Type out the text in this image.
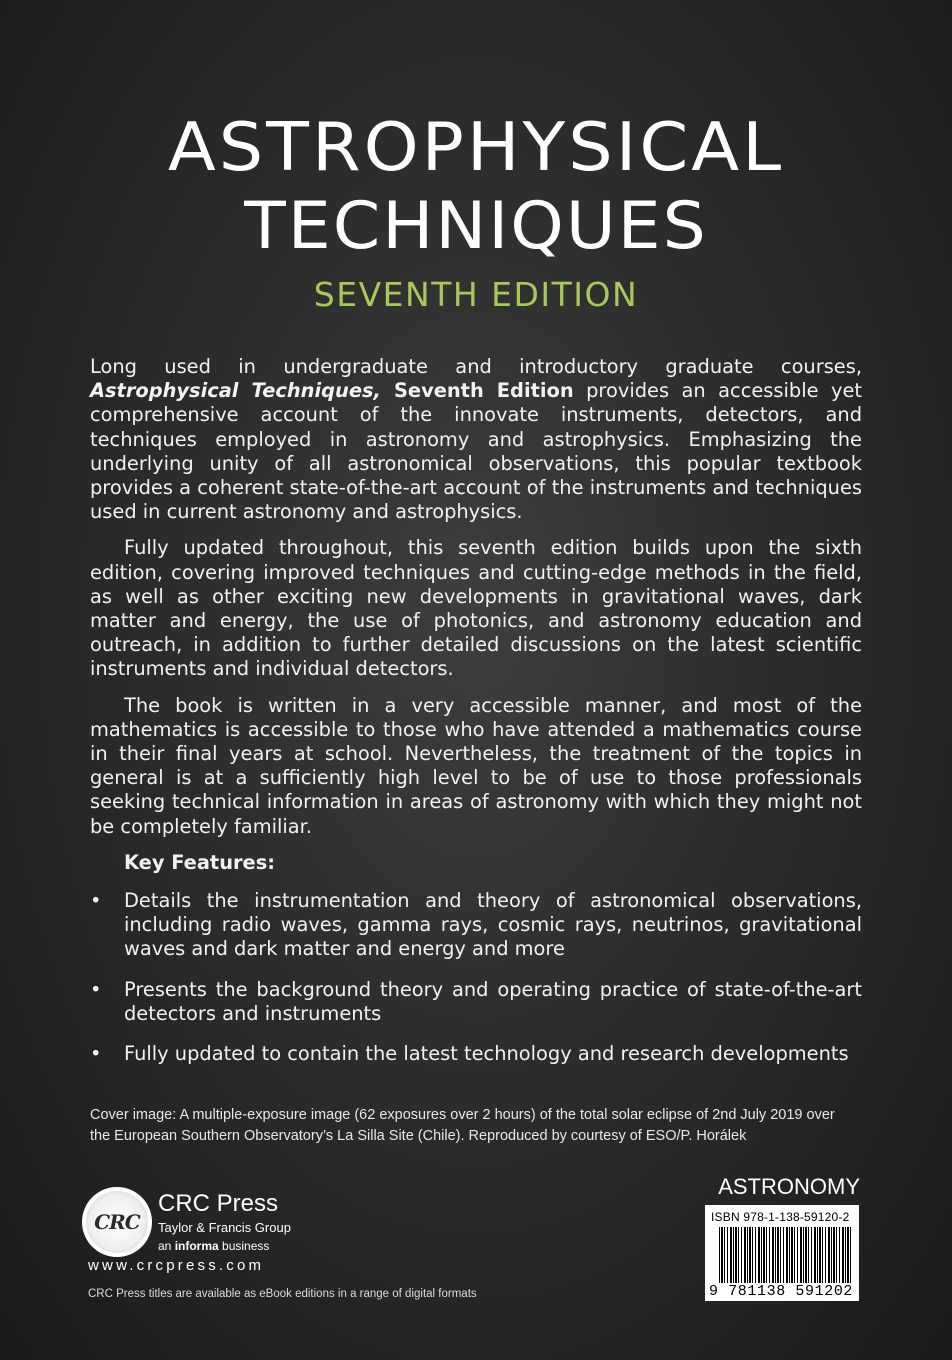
ASTROPHYSICAL
TECHNIQUES
SEVENTH EDITION

Long used in undergraduate and introductory graduate courses, Astrophysical Techniques, Seventh Edition provides an accessible yet comprehensive account of the innovate instruments, detectors, and techniques employed in astronomy and astrophysics. Emphasizing the underlying unity of all astronomical observations, this popular textbook provides a coherent state-of-the-art account of the instruments and techniques used in current astronomy and astrophysics.

Fully updated throughout, this seventh edition builds upon the sixth edition, covering improved techniques and cutting-edge methods in the field, as well as other exciting new developments in gravitational waves, dark matter and energy, the use of photonics, and astronomy education and outreach, in addition to further detailed discussions on the latest scientific instruments and individual detectors.

The book is written in a very accessible manner, and most of the mathematics is accessible to those who have attended a mathematics course in their final years at school. Nevertheless, the treatment of the topics in general is at a sufficiently high level to be of use to those professionals seeking technical information in areas of astronomy with which they might not be completely familiar.

Key Features:

• Details the instrumentation and theory of astronomical observations, including radio waves, gamma rays, cosmic rays, neutrinos, gravitational waves and dark matter and energy and more
• Presents the background theory and operating practice of state-of-the-art detectors and instruments
• Fully updated to contain the latest technology and research developments
Cover image: A multiple-exposure image (62 exposures over 2 hours) of the total solar eclipse of 2nd July 2019 over the European Southern Observatory’s La Silla Site (Chile). Reproduced by courtesy of ESO/P. Horálek
CRC
CRC Press
Taylor & Francis Group
an informa business
www.crcpress.com
CRC Press titles are available as eBook editions in a range of digital formats
ASTRONOMY
ISBN 978-1-138-59120-2
9 781138 591202
